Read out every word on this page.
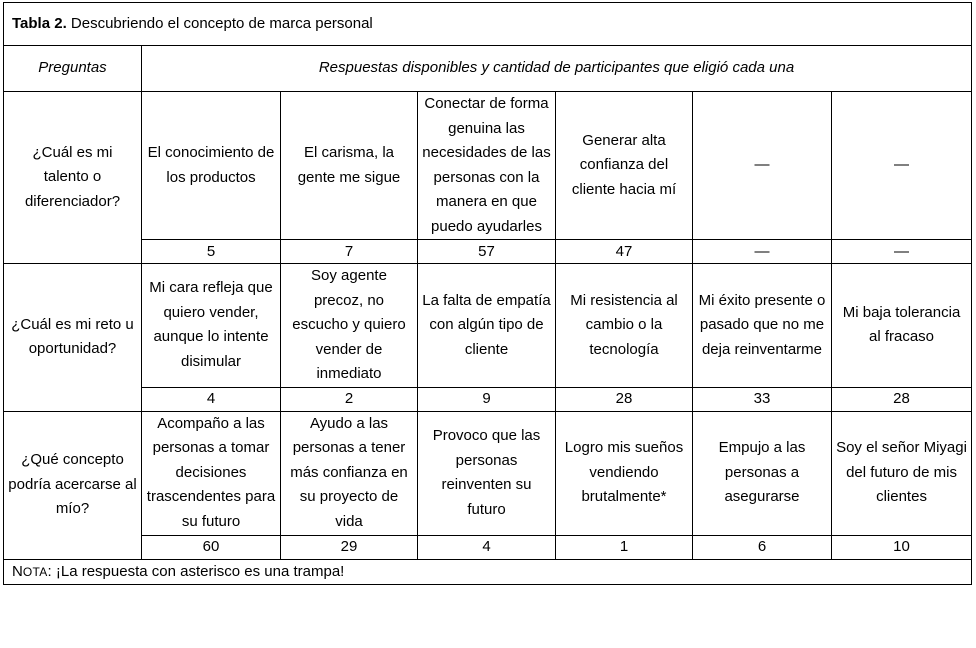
Tabla 2. Descubriendo el concepto de marca personal						
Preguntas	Respuestas disponibles y cantidad de participantes que eligió cada una					
¿Cuál es mi talento o diferenciador?	El conocimiento de los productos	El carisma, la gente me sigue	Conectar de forma genuina las necesidades de las personas con la manera en que puedo ayudarles	Generar alta confianza del cliente hacia mí	—	—
	5	7	57	47	—	—
¿Cuál es mi reto u oportunidad?	Mi cara refleja que quiero vender, aunque lo intente disimular	Soy agente precoz, no escucho y quiero vender de inmediato	La falta de empatía con algún tipo de cliente	Mi resistencia al cambio o la tecnología	Mi éxito presente o pasado que no me deja reinventarme	Mi baja tolerancia al fracaso
	4	2	9	28	33	28
¿Qué concepto podría acercarse al mío?	Acompaño a las personas a tomar decisiones trascendentes para su futuro	Ayudo a las personas a tener más confianza en su proyecto de vida	Provoco que las personas reinventen su futuro	Logro mis sueños vendiendo brutalmente*	Empujo a las personas a asegurarse	Soy el señor Miyagi del futuro de mis clientes
	60	29	4	1	6	10
NOTA: ¡La respuesta con asterisco es una trampa!						
